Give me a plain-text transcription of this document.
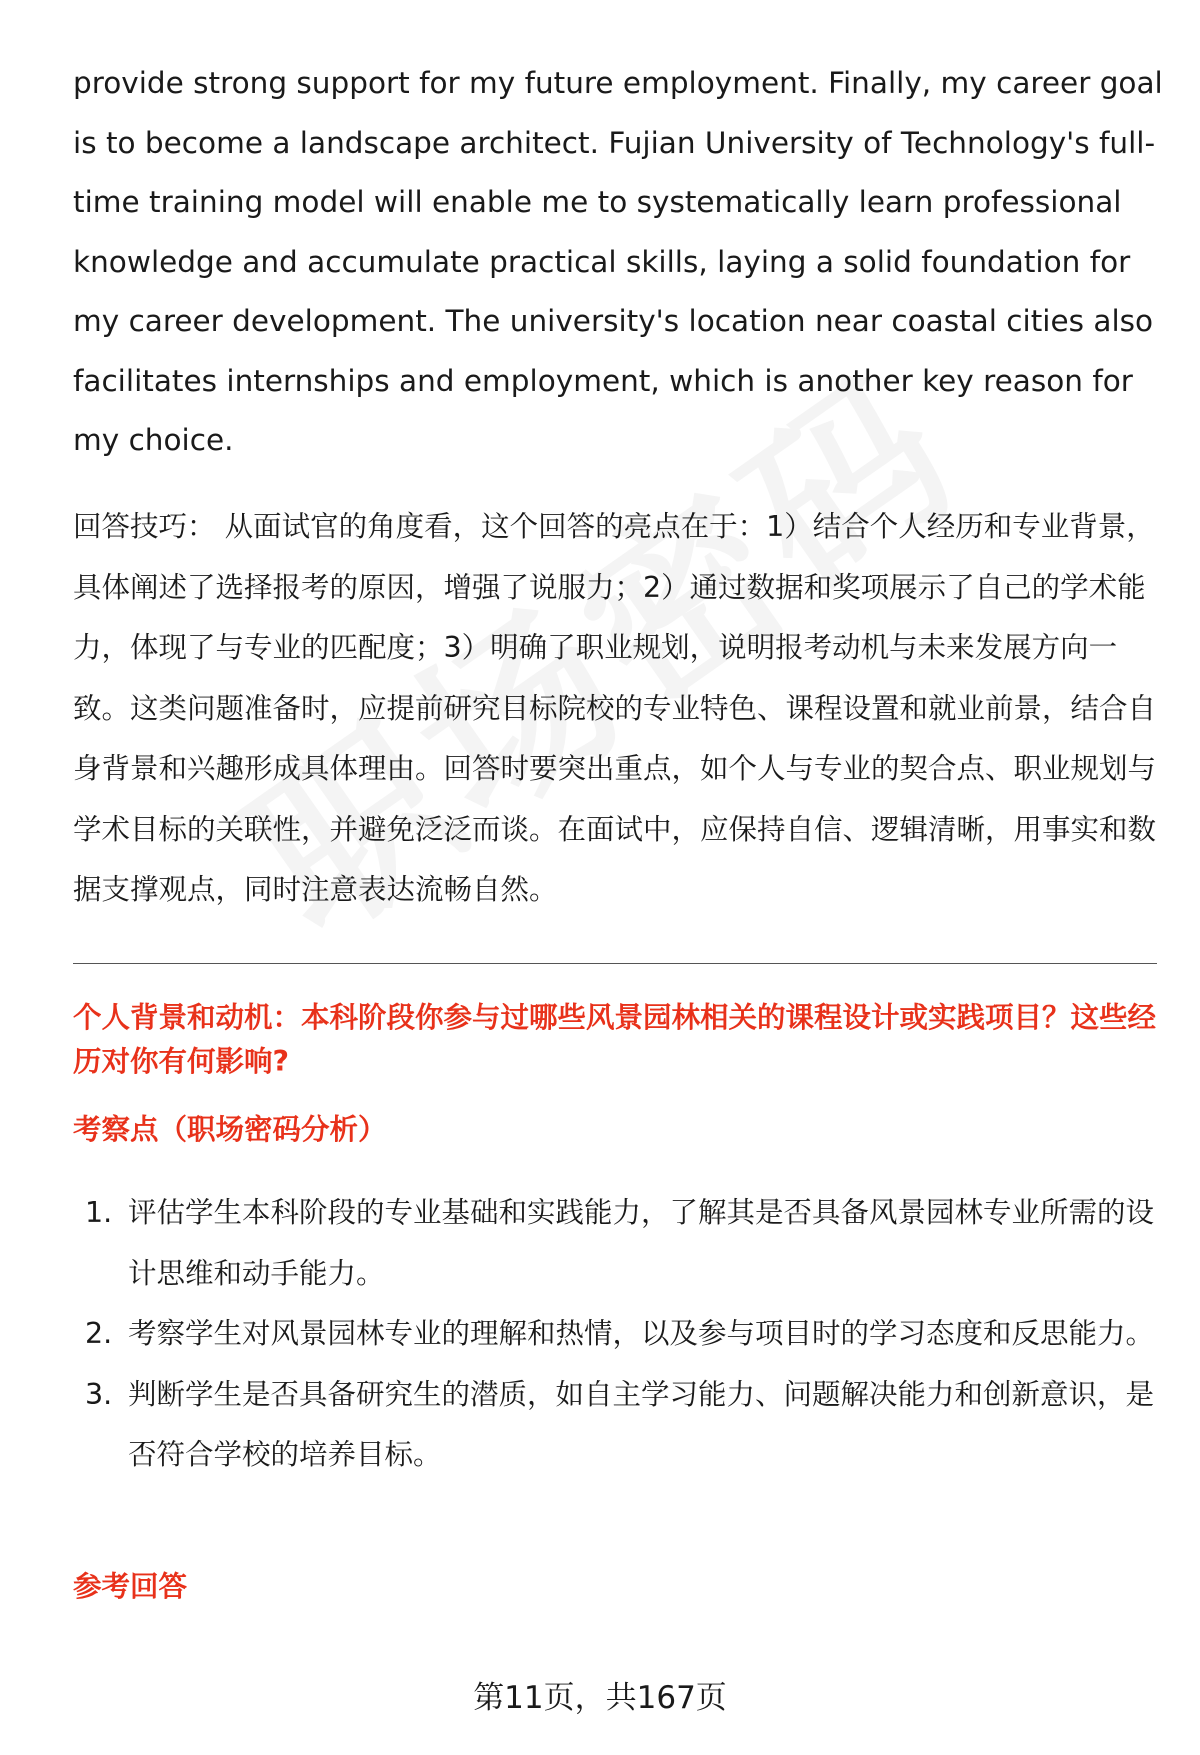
provide strong support for my future employment. Finally, my career goal is to become a landscape architect. Fujian University of Technology's full-time training model will enable me to systematically learn professional knowledge and accumulate practical skills, laying a solid foundation for my career development. The university's location near coastal cities also facilitates internships and employment, which is another key reason for my choice.

回答技巧： 从面试官的角度看，这个回答的亮点在于：1）结合个人经历和专业背景，具体阐述了选择报考的原因，增强了说服力；2）通过数据和奖项展示了自己的学术能力，体现了与专业的匹配度；3）明确了职业规划，说明报考动机与未来发展方向一致。这类问题准备时，应提前研究目标院校的专业特色、课程设置和就业前景，结合自身背景和兴趣形成具体理由。回答时要突出重点，如个人与专业的契合点、职业规划与学术目标的关联性，并避免泛泛而谈。在面试中，应保持自信、逻辑清晰，用事实和数据支撑观点，同时注意表达流畅自然。

个人背景和动机：本科阶段你参与过哪些风景园林相关的课程设计或实践项目？这些经历对你有何影响?
考察点（职场密码分析）
1. 评估学生本科阶段的专业基础和实践能力，了解其是否具备风景园林专业所需的设计思维和动手能力。
2. 考察学生对风景园林专业的理解和热情，以及参与项目时的学习态度和反思能力。
3. 判断学生是否具备研究生的潜质，如自主学习能力、问题解决能力和创新意识，是否符合学校的培养目标。
参考回答
第11页，共167页
